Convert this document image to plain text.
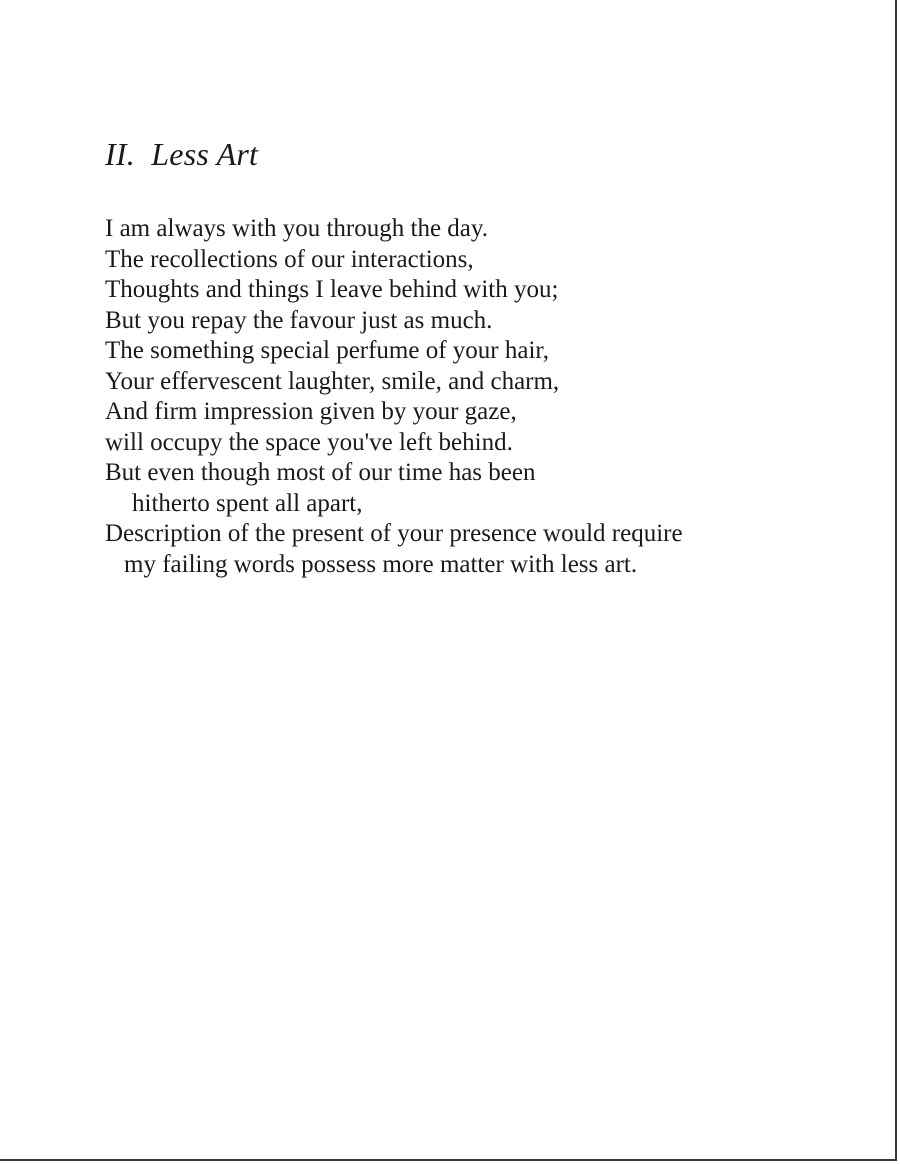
II.  Less Art
I am always with you through the day.
The recollections of our interactions,
Thoughts and things I leave behind with you;
But you repay the favour just as much.
The something special perfume of your hair,
Your effervescent laughter, smile, and charm,
And firm impression given by your gaze,
will occupy the space you've left behind.
But even though most of our time has been
hitherto spent all apart,
Description of the present of your presence would require
my failing words possess more matter with less art.
